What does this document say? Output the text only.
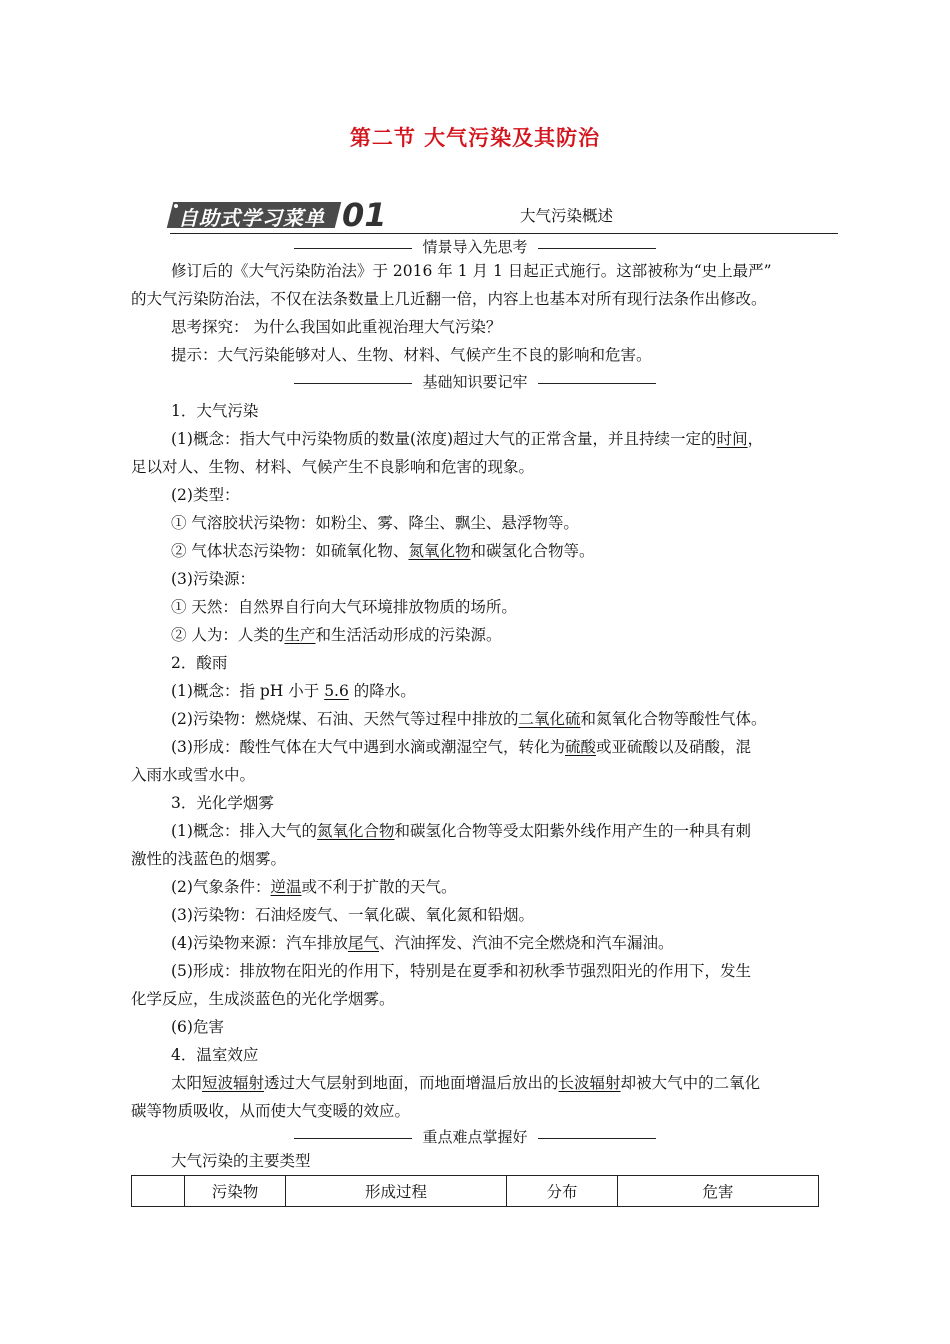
第二节 大气污染及其防治
自助式学习菜单 01	大气污染概述
情景导入先思考
修订后的《大气污染防治法》于 2016 年 1 月 1 日起正式施行。这部被称为“史上最严”
的大气污染防治法，不仅在法条数量上几近翻一倍，内容上也基本对所有现行法条作出修改。
思考探究： 为什么我国如此重视治理大气污染？
提示：大气污染能够对人、生物、材料、气候产生不良的影响和危害。
基础知识要记牢
1．大气污染
(1)概念：指大气中污染物质的数量(浓度)超过大气的正常含量，并且持续一定的时间，
足以对人、生物、材料、气候产生不良影响和危害的现象。
(2)类型：
① 气溶胶状污染物：如粉尘、雾、降尘、飘尘、悬浮物等。
② 气体状态污染物：如硫氧化物、氮氧化物和碳氢化合物等。
(3)污染源：
① 天然：自然界自行向大气环境排放物质的场所。
② 人为：人类的生产和生活活动形成的污染源。
2．酸雨
(1)概念：指 pH 小于 5.6 的降水。
(2)污染物：燃烧煤、石油、天然气等过程中排放的二氧化硫和氮氧化合物等酸性气体。
(3)形成：酸性气体在大气中遇到水滴或潮湿空气，转化为硫酸或亚硫酸以及硝酸，混
入雨水或雪水中。
3．光化学烟雾
(1)概念：排入大气的氮氧化合物和碳氢化合物等受太阳紫外线作用产生的一种具有刺
激性的浅蓝色的烟雾。
(2)气象条件：逆温或不利于扩散的天气。
(3)污染物：石油烃废气、一氧化碳、氧化氮和铅烟。
(4)污染物来源：汽车排放尾气、汽油挥发、汽油不完全燃烧和汽车漏油。
(5)形成：排放物在阳光的作用下，特别是在夏季和初秋季节强烈阳光的作用下，发生
化学反应，生成淡蓝色的光化学烟雾。
(6)危害
4．温室效应
太阳短波辐射透过大气层射到地面，而地面增温后放出的长波辐射却被大气中的二氧化
碳等物质吸收，从而使大气变暖的效应。
重点难点掌握好
大气污染的主要类型
	污染物	形成过程	分布	危害
